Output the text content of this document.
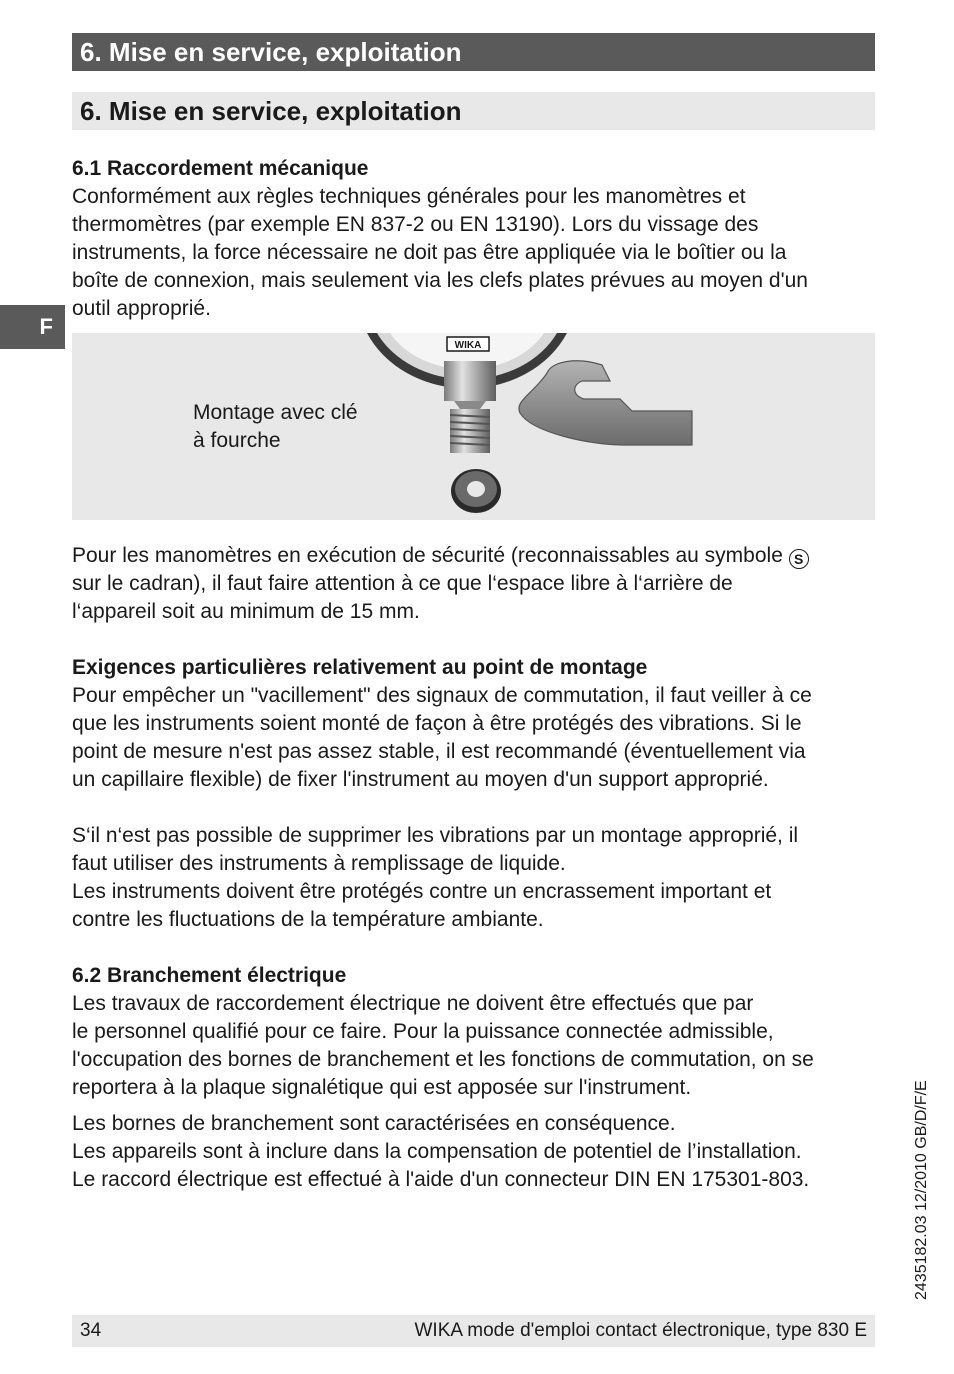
6. Mise en service, exploitation
6. Mise en service, exploitation
F

6.1 Raccordement mécanique

Conformément aux règles techniques générales pour les manomètres et

thermomètres (par exemple EN 837-2 ou EN 13190). Lors du vissage des

instruments, la force nécessaire ne doit pas être appliquée via le boîtier ou la

boîte de connexion, mais seulement via les clefs plates prévues au moyen d'un

outil approprié.

Montage avec clé
à fourche
WIKA

Pour les manomètres en exécution de sécurité (reconnaissables au symbole S

sur le cadran), il faut faire attention à ce que l‘espace libre à l‘arrière de

l‘appareil soit au minimum de 15 mm.

Exigences particulières relativement au point de montage

Pour empêcher un "vacillement" des signaux de commutation, il faut veiller à ce

que les instruments soient monté de façon à être protégés des vibrations. Si le

point de mesure n'est pas assez stable, il est recommandé (éventuellement via

un capillaire flexible) de fixer l'instrument au moyen d'un support approprié.

S‘il n‘est pas possible de supprimer les vibrations par un montage approprié, il

faut utiliser des instruments à remplissage de liquide.

Les instruments doivent être protégés contre un encrassement important et

contre les fluctuations de la température ambiante.

6.2 Branchement électrique

Les travaux de raccordement électrique ne doivent être effectués que par

le personnel qualifié pour ce faire. Pour la puissance connectée admissible,

l'occupation des bornes de branchement et les fonctions de commutation, on se

reportera à la plaque signalétique qui est apposée sur l'instrument.

Les bornes de branchement sont caractérisées en conséquence.

Les appareils sont à inclure dans la compensation de potentiel de l’installation.

Le raccord électrique est effectué à l'aide d'un connecteur DIN EN 175301-803.	2435182.03 12/2010 GB/D/F/E
34	WIKA mode d'emploi contact électronique, type 830 E
